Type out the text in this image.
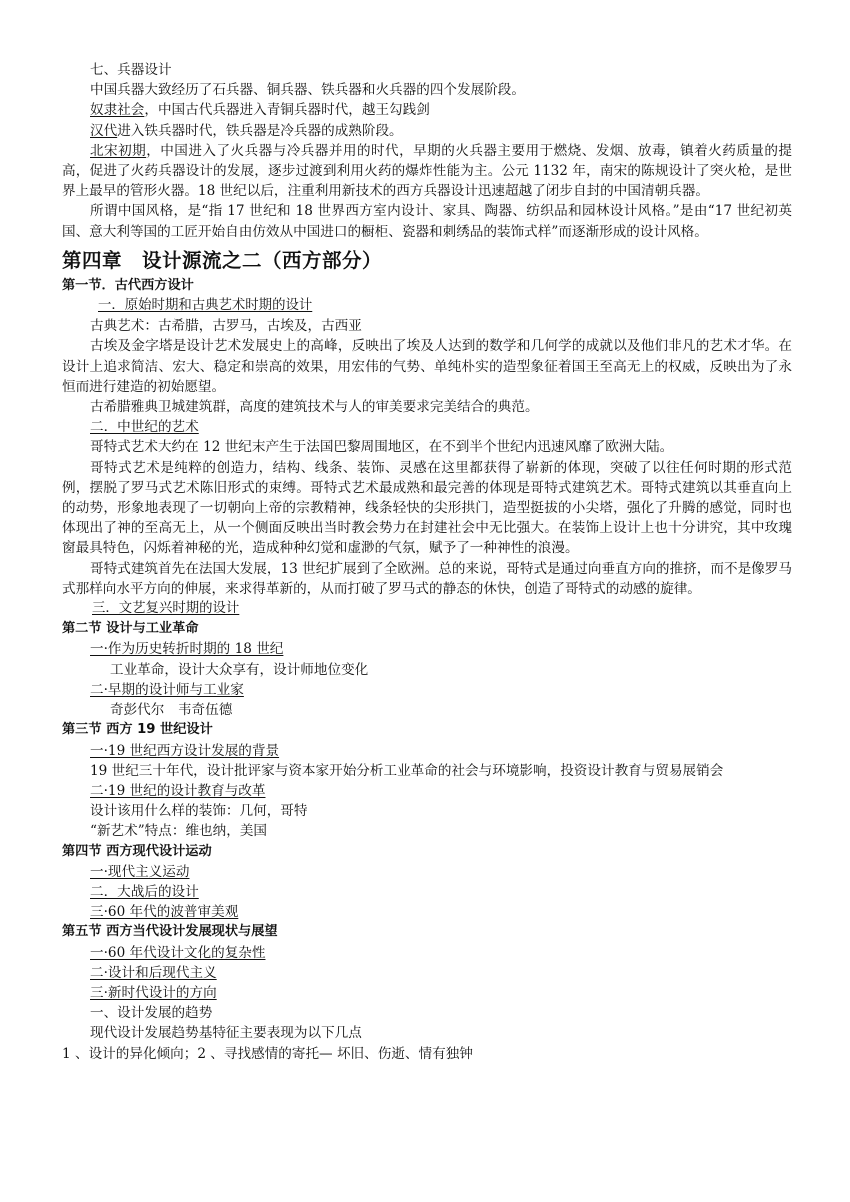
七、兵器设计
中国兵器大致经历了石兵器、铜兵器、铁兵器和火兵器的四个发展阶段。
奴隶社会，中国古代兵器进入青铜兵器时代，越王勾践剑
汉代进入铁兵器时代，铁兵器是冷兵器的成熟阶段。
北宋初期，中国进入了火兵器与冷兵器并用的时代，早期的火兵器主要用于燃烧、发烟、放毒，镇着火药质量的提高，促进了火药兵器设计的发展，逐步过渡到利用火药的爆炸性能为主。公元 1132 年，南宋的陈规设计了突火枪，是世界上最早的管形火器。18 世纪以后，注重利用新技术的西方兵器设计迅速超越了闭步自封的中国清朝兵器。
所谓中国风格，是“指 17 世纪和 18 世界西方室内设计、家具、陶器、纺织品和园林设计风格。”是由“17 世纪初英国、意大利等国的工匠开始自由仿效从中国进口的橱柜、瓷器和刺绣品的装饰式样”而逐渐形成的设计风格。
第四章　设计源流之二（西方部分）
第一节．古代西方设计
一．原始时期和古典艺术时期的设计
古典艺术：古希腊，古罗马，古埃及，古西亚
古埃及金字塔是设计艺术发展史上的高峰，反映出了埃及人达到的数学和几何学的成就以及他们非凡的艺术才华。在设计上追求简洁、宏大、稳定和崇高的效果，用宏伟的气势、单纯朴实的造型象征着国王至高无上的权威，反映出为了永恒而进行建造的初始愿望。
古希腊雅典卫城建筑群，高度的建筑技术与人的审美要求完美结合的典范。
二．中世纪的艺术
哥特式艺术大约在 12 世纪末产生于法国巴黎周围地区，在不到半个世纪内迅速风靡了欧洲大陆。
哥特式艺术是纯粹的创造力，结构、线条、装饰、灵感在这里都获得了崭新的体现，突破了以往任何时期的形式范例，摆脱了罗马式艺术陈旧形式的束缚。哥特式艺术最成熟和最完善的体现是哥特式建筑艺术。哥特式建筑以其垂直向上的动势，形象地表现了一切朝向上帝的宗教精神，线条轻快的尖形拱门，造型挺拔的小尖塔，强化了升腾的感觉，同时也体现出了神的至高无上，从一个侧面反映出当时教会势力在封建社会中无比强大。在装饰上设计上也十分讲究，其中玫瑰窗最具特色，闪烁着神秘的光，造成种种幻觉和虚渺的气氛，赋予了一种神性的浪漫。
哥特式建筑首先在法国大发展，13 世纪扩展到了全欧洲。总的来说，哥特式是通过向垂直方向的推挤，而不是像罗马式那样向水平方向的伸展，来求得革新的，从而打破了罗马式的静态的休快，创造了哥特式的动感的旋律。
三．文艺复兴时期的设计
第二节 设计与工业革命
一·作为历史转折时期的 18 世纪
工业革命，设计大众享有，设计师地位变化
二·早期的设计师与工业家
奇彭代尔　韦奇伍德
第三节 西方 19 世纪设计
一·19 世纪西方设计发展的背景
19 世纪三十年代，设计批评家与资本家开始分析工业革命的社会与环境影响，投资设计教育与贸易展销会
二·19 世纪的设计教育与改革
设计该用什么样的装饰：几何，哥特
“新艺术”特点：维也纳，美国
第四节 西方现代设计运动
一·现代主义运动
二．大战后的设计
三·60 年代的波普审美观
第五节 西方当代设计发展现状与展望
一·60 年代设计文化的复杂性
二·设计和后现代主义
三·新时代设计的方向
一、设计发展的趋势
现代设计发展趋势基特征主要表现为以下几点
1 、设计的异化倾向；2 、寻找感情的寄托— 坏旧、伤逝、情有独钟
